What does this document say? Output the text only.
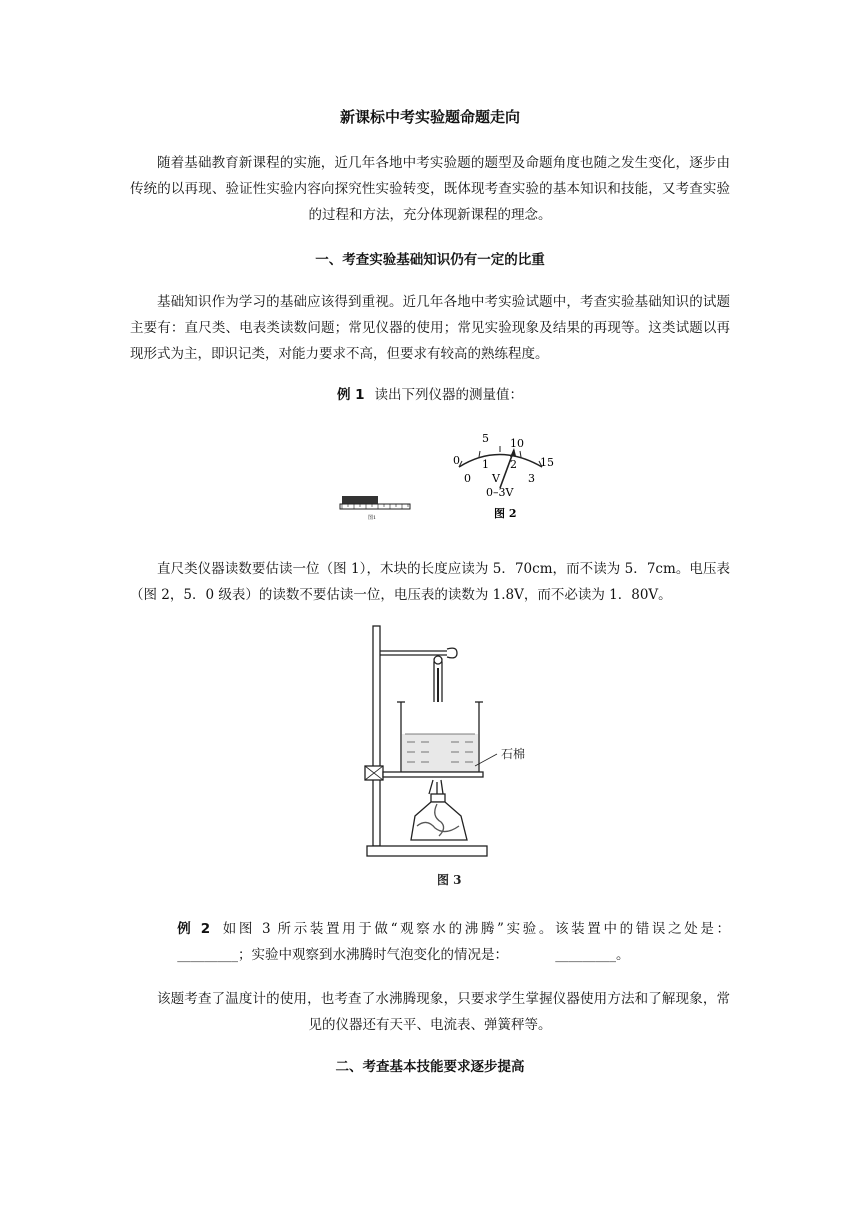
新课标中考实验题命题走向
随着基础教育新课程的实施，近几年各地中考实验题的题型及命题角度也随之发生变化，逐步由传统的以再现、验证性实验内容向探究性实验转变，既体现考查实验的基本知识和技能，又考查实验的过程和方法，充分体现新课程的理念。
一、考查实验基础知识仍有一定的比重
基础知识作为学习的基础应该得到重视。近几年各地中考实验试题中，考查实验基础知识的试题主要有：直尺类、电表类读数问题；常见仪器的使用；常见实验现象及结果的再现等。这类试题以再现形式为主，即识记类，对能力要求不高，但要求有较高的熟练程度。
例 1 读出下列仪器的测量值：
图1
0
5 10
15
0
1 2
3
V
0–3V
图 2
直尺类仪器读数要估读一位（图 1），木块的长度应读为 5．70cm，而不读为 5．7cm。电压表（图 2，5．0 级表）的读数不要估读一位，电压表的读数为 1.8V，而不必读为 1．80V。
石棉
图 3
例 2 如图 3 所示装置用于做“观察水的沸腾”实验。该装置中的错误之处是：_________；实验中观察到水沸腾时气泡变化的情况是：	_________。
该题考查了温度计的使用，也考查了水沸腾现象，只要求学生掌握仪器使用方法和了解现象，常见的仪器还有天平、电流表、弹簧秤等。
二、考查基本技能要求逐步提高
